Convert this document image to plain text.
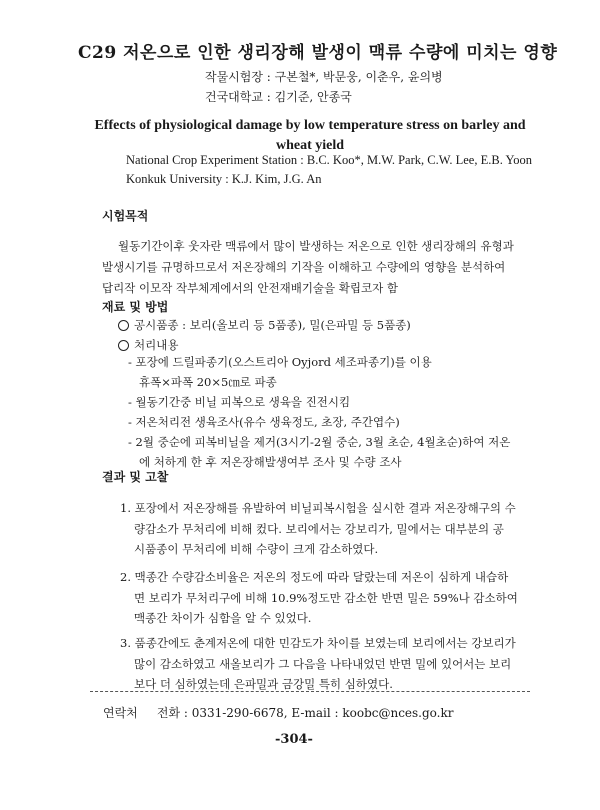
C29 저온으로 인한 생리장해 발생이 맥류 수량에 미치는 영향
작물시험장 : 구본철*, 박문웅, 이춘우, 윤의병
건국대학교 : 김기준, 안종국
Effects of physiological damage by low temperature stress on barley and wheat yield
National Crop Experiment Station : B.C. Koo*, M.W. Park, C.W. Lee, E.B. Yoon
Konkuk University : K.J. Kim, J.G. An
시험목적
월동기간이후 웃자란 맥류에서 많이 발생하는 저온으로 인한 생리장해의 유형과
발생시기를 규명하므로서 저온장해의 기작을 이해하고 수량에의 영향을 분석하여
답리작 이모작 작부체계에서의 안전재배기술을 확립코자 함
재료 및 방법
공시품종 : 보리(올보리 등 5품종), 밀(은파밀 등 5품종)
처리내용
- 포장에 드릴파종기(오스트리아 Oyjord 세조파종기)를 이용
휴폭×파폭 20×5㎝로 파종
- 월동기간중 비닐 피복으로 생육을 진전시킴
- 저온처리전 생육조사(유수 생육정도, 초장, 주간엽수)
- 2월 중순에 피복비닐을 제거(3시기-2월 중순, 3월 초순, 4월초순)하여 저온
에 처하게 한 후 저온장해발생여부 조사 및 수량 조사
결과 및 고찰
1. 포장에서 저온장해를 유발하여 비닐피복시험을 실시한 결과 저온장해구의 수
량감소가 무처리에 비해 컸다. 보리에서는 강보리가, 밀에서는 대부분의 공
시품종이 무처리에 비해 수량이 크게 감소하였다.
2. 맥종간 수량감소비율은 저온의 정도에 따라 달랐는데 저온이 심하게 내습하
면 보리가 무처리구에 비해 10.9%정도만 감소한 반면 밀은 59%나 감소하여
맥종간 차이가 심함을 알 수 있었다.
3. 품종간에도 춘계저온에 대한 민감도가 차이를 보였는데 보리에서는 강보리가
많이 감소하였고 새올보리가 그 다음을 나타내었던 반면 밀에 있어서는 보리
보다 더 심하였는데 은파밀과 금강밀 특히 심하였다.
연락처     전화 : 0331-290-6678, E-mail : koobc@nces.go.kr
-304-
